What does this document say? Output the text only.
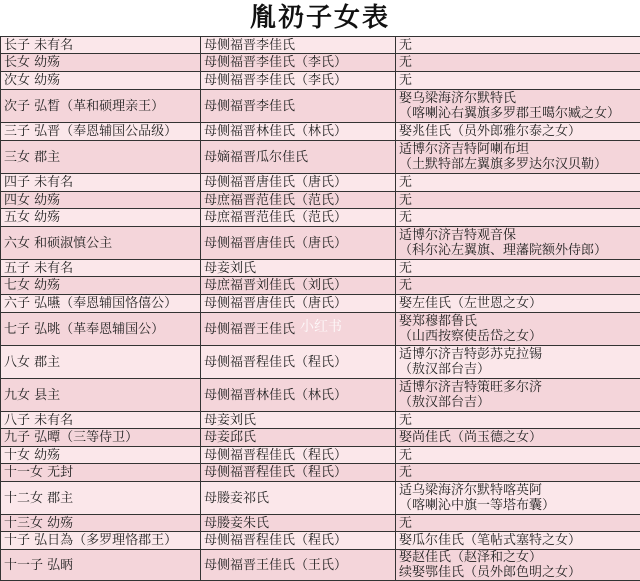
胤礽子女表
长子 未有名	母侧福晋李佳氏	无
长女 幼殇	母侧福晋李佳氏（李氏）	无
次女 幼殇	母侧福晋李佳氏（李氏）	无
次子 弘晳（革和硕理亲王）	母侧福晋李佳氏	娶乌梁海济尔默特氏
（喀喇沁右翼旗多罗郡王噶尔臧之女）
三子 弘晋（奉恩辅国公品级）	母侧福晋林佳氏（林氏）	娶兆佳氏（员外郎雅尔泰之女）
三女 郡主	母嫡福晋瓜尔佳氏	适博尔济吉特阿喇布坦
（土默特部左翼旗多罗达尔汉贝勒）
四子 未有名	母侧福晋唐佳氏（唐氏）	无
四女 幼殇	母庶福晋范佳氏（范氏）	无
五女 幼殇	母庶福晋范佳氏（范氏）	无
六女 和硕淑慎公主	母侧福晋唐佳氏（唐氏）	适博尔济吉特观音保
（科尔沁左翼旗、理藩院额外侍郎）
五子 未有名	母妾刘氏	无
七女 幼殇	母庶福晋刘佳氏（刘氏）	无
六子 弘曣（奉恩辅国恪僖公）	母侧福晋唐佳氏（唐氏）	娶左佳氏（左世恩之女）
七子 弘晀（革奉恩辅国公）	母侧福晋王佳氏	娶郑穆都鲁氏
（山西按察使岳岱之女）
八女 郡主	母侧福晋程佳氏（程氏）	适博尔济吉特彭苏克拉锡
（敖汉部台吉）
九女 县主	母侧福晋林佳氏（林氏）	适博尔济吉特策旺多尔济
（敖汉部台吉）
八子 未有名	母妾刘氏	无
九子 弘曋（三等侍卫）	母妾邱氏	娶尚佳氏（尚玉德之女）
十女 幼殇	母侧福晋程佳氏（程氏）	无
十一女 无封	母侧福晋程佳氏（程氏）	无
十二女 郡主	母媵妾祁氏	适乌梁海济尔默特喀英阿
（喀喇沁中旗一等塔布囊）
十三女 幼殇	母媵妾朱氏	无
十子 弘日為（多罗理恪郡王）	母侧福晋程佳氏（程氏）	娶瓜尔佳氏（笔帖式塞特之女）
十一子 弘昞	母侧福晋王佳氏（王氏）	娶赵佳氏（赵泽和之女）
续娶鄂佳氏（员外郎色明之女）
小红书
